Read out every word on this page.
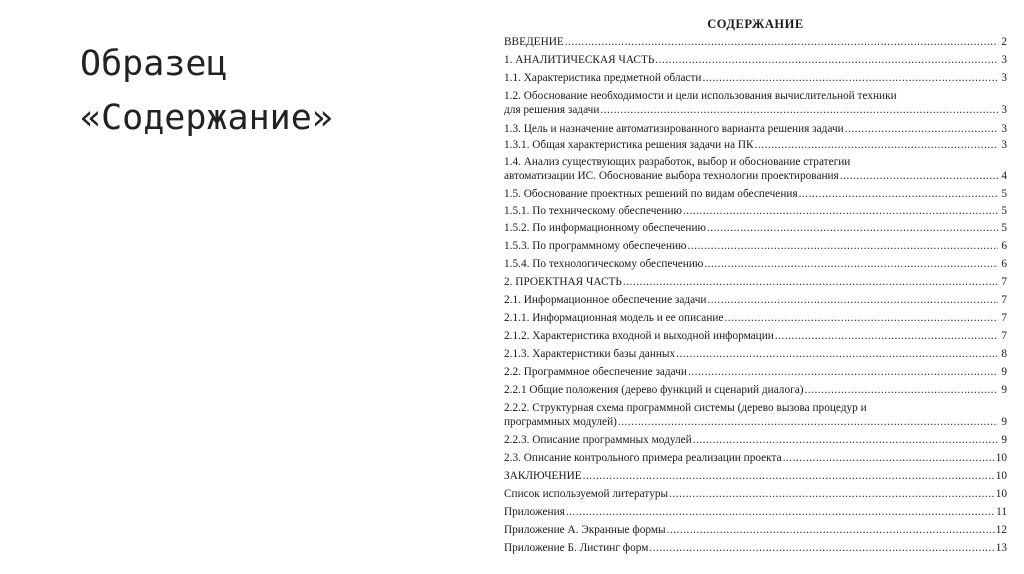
Образец
«Содержание»
СОДЕРЖАНИЕ
ВВЕДЕНИЕ .....	2
1. АНАЛИТИЧЕСКАЯ ЧАСТЬ .....	3
1.1. Характеристика предметной области .....	3
1.2. Обоснование необходимости и цели использования вычислительной техники
для решения задачи .....	3
1.3. Цель и назначение автоматизированного варианта решения задачи .....	3
1.3.1. Общая характеристика решения задачи на ПК .....	3
1.4. Анализ существующих разработок, выбор и обоснование стратегии
автоматизации ИС. Обоснование выбора технологии проектирования .....	4
1.5. Обоснование проектных решений по видам обеспечения .....	5
1.5.1. По техническому обеспечению .....	5
1.5.2. По информационному обеспечению .....	5
1.5.3. По программному обеспечению .....	6
1.5.4. По технологическому обеспечению .....	6
2. ПРОЕКТНАЯ ЧАСТЬ .....	7
2.1. Информационное обеспечение задачи .....	7
2.1.1. Информационная модель и ее описание .....	7
2.1.2. Характеристика входной и выходной информации .....	7
2.1.3. Характеристики базы данных .....	8
2.2. Программное обеспечение задачи .....	9
2.2.1 Общие положения (дерево функций и сценарий диалога) .....	9
2.2.2. Структурная схема программной системы (дерево вызова процедур и
программных модулей) .....	9
2.2.3. Описание программных модулей .....	9
2.3. Описание контрольного примера реализации проекта .....	10
ЗАКЛЮЧЕНИЕ .....	10
Список используемой литературы .....	10
Приложения .....	11
Приложение А. Экранные формы .....	12
Приложение Б. Листинг форм .....	13
